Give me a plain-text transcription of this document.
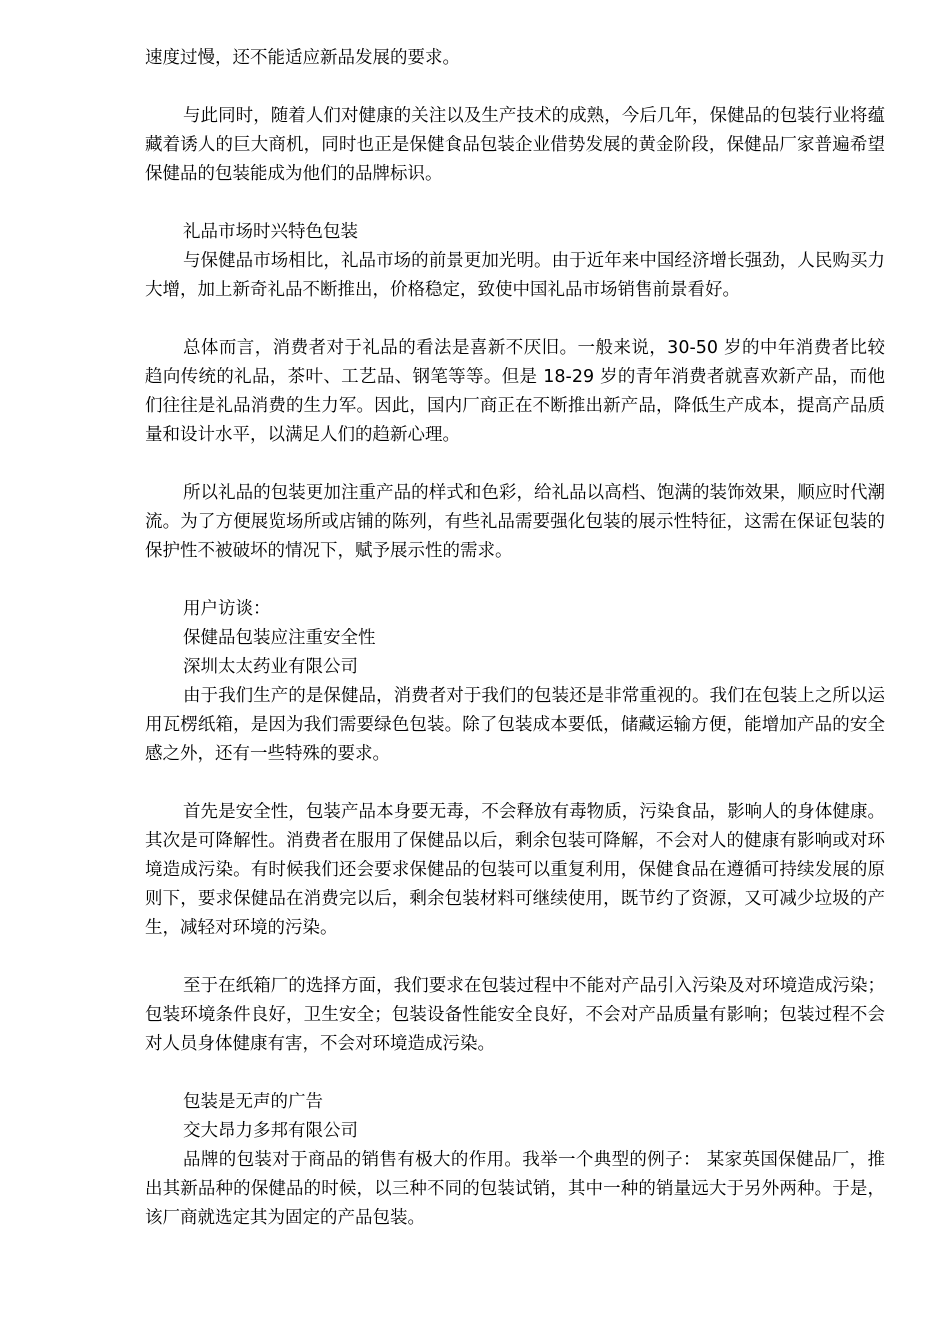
速度过慢，还不能适应新品发展的要求。

与此同时，随着人们对健康的关注以及生产技术的成熟，今后几年，保健品的包装行业将蕴藏着诱人的巨大商机，同时也正是保健食品包装企业借势发展的黄金阶段，保健品厂家普遍希望保健品的包装能成为他们的品牌标识。

礼品市场时兴特色包装

与保健品市场相比，礼品市场的前景更加光明。由于近年来中国经济增长强劲，人民购买力大增，加上新奇礼品不断推出，价格稳定，致使中国礼品市场销售前景看好。

总体而言，消费者对于礼品的看法是喜新不厌旧。一般来说，30-50 岁的中年消费者比较趋向传统的礼品，茶叶、工艺品、钢笔等等。但是 18-29 岁的青年消费者就喜欢新产品，而他们往往是礼品消费的生力军。因此，国内厂商正在不断推出新产品，降低生产成本，提高产品质量和设计水平，以满足人们的趋新心理。

所以礼品的包装更加注重产品的样式和色彩，给礼品以高档、饱满的装饰效果，顺应时代潮流。为了方便展览场所或店铺的陈列，有些礼品需要强化包装的展示性特征，这需在保证包装的保护性不被破坏的情况下，赋予展示性的需求。

用户访谈：

保健品包装应注重安全性

深圳太太药业有限公司

由于我们生产的是保健品，消费者对于我们的包装还是非常重视的。我们在包装上之所以运用瓦楞纸箱，是因为我们需要绿色包装。除了包装成本要低，储藏运输方便，能增加产品的安全感之外，还有一些特殊的要求。

首先是安全性，包装产品本身要无毒，不会释放有毒物质，污染食品，影响人的身体健康。其次是可降解性。消费者在服用了保健品以后，剩余包装可降解，不会对人的健康有影响或对环境造成污染。有时候我们还会要求保健品的包装可以重复利用，保健食品在遵循可持续发展的原则下，要求保健品在消费完以后，剩余包装材料可继续使用，既节约了资源，又可减少垃圾的产生，减轻对环境的污染。

至于在纸箱厂的选择方面，我们要求在包装过程中不能对产品引入污染及对环境造成污染；包装环境条件良好，卫生安全；包装设备性能安全良好，不会对产品质量有影响；包装过程不会对人员身体健康有害，不会对环境造成污染。

包装是无声的广告

交大昂力多邦有限公司

品牌的包装对于商品的销售有极大的作用。我举一个典型的例子： 某家英国保健品厂，推出其新品种的保健品的时候，以三种不同的包装试销，其中一种的销量远大于另外两种。于是，该厂商就选定其为固定的产品包装。
